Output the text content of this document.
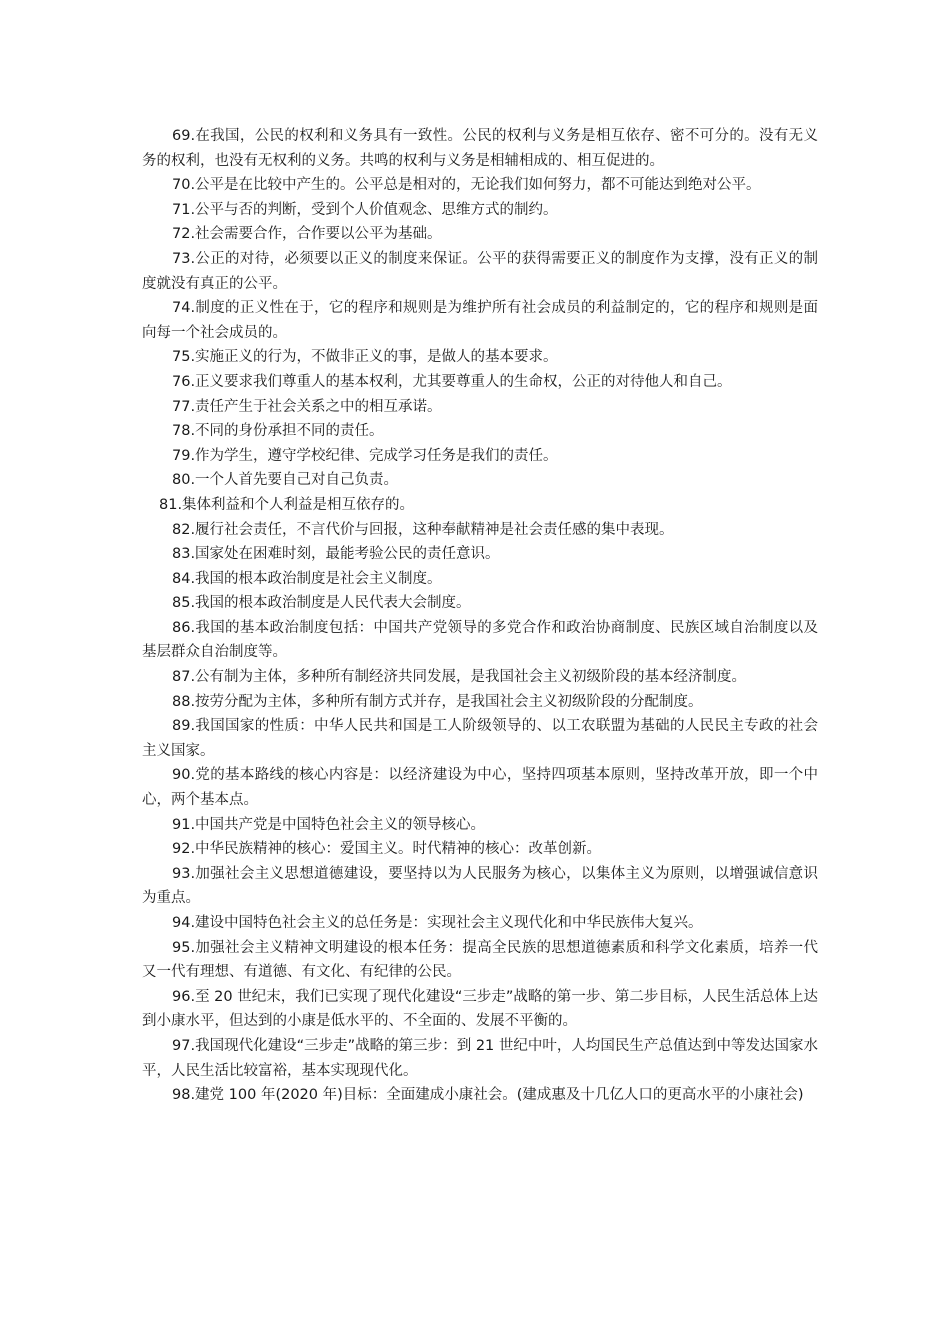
69.在我国，公民的权利和义务具有一致性。公民的权利与义务是相互依存、密不可分的。没有无义务的权利，也没有无权利的义务。共鸣的权利与义务是相辅相成的、相互促进的。

70.公平是在比较中产生的。公平总是相对的，无论我们如何努力，都不可能达到绝对公平。

71.公平与否的判断，受到个人价值观念、思维方式的制约。

72.社会需要合作，合作要以公平为基础。

73.公正的对待，必须要以正义的制度来保证。公平的获得需要正义的制度作为支撑，没有正义的制度就没有真正的公平。

74.制度的正义性在于，它的程序和规则是为维护所有社会成员的利益制定的，它的程序和规则是面向每一个社会成员的。

75.实施正义的行为，不做非正义的事，是做人的基本要求。

76.正义要求我们尊重人的基本权利，尤其要尊重人的生命权，公正的对待他人和自己。

77.责任产生于社会关系之中的相互承诺。

78.不同的身份承担不同的责任。

79.作为学生，遵守学校纪律、完成学习任务是我们的责任。

80.一个人首先要自己对自己负责。

81.集体利益和个人利益是相互依存的。

82.履行社会责任，不言代价与回报，这种奉献精神是社会责任感的集中表现。

83.国家处在困难时刻，最能考验公民的责任意识。

84.我国的根本政治制度是社会主义制度。

85.我国的根本政治制度是人民代表大会制度。

86.我国的基本政治制度包括：中国共产党领导的多党合作和政治协商制度、民族区域自治制度以及基层群众自治制度等。

87.公有制为主体，多种所有制经济共同发展，是我国社会主义初级阶段的基本经济制度。

88.按劳分配为主体，多种所有制方式并存，是我国社会主义初级阶段的分配制度。

89.我国国家的性质：中华人民共和国是工人阶级领导的、以工农联盟为基础的人民民主专政的社会主义国家。

90.党的基本路线的核心内容是：以经济建设为中心，坚持四项基本原则，坚持改革开放，即一个中心，两个基本点。

91.中国共产党是中国特色社会主义的领导核心。

92.中华民族精神的核心：爱国主义。时代精神的核心：改革创新。

93.加强社会主义思想道德建设，要坚持以为人民服务为核心，以集体主义为原则，以增强诚信意识为重点。

94.建设中国特色社会主义的总任务是：实现社会主义现代化和中华民族伟大复兴。

95.加强社会主义精神文明建设的根本任务：提高全民族的思想道德素质和科学文化素质，培养一代又一代有理想、有道德、有文化、有纪律的公民。

96.至 20 世纪末，我们已实现了现代化建设“三步走”战略的第一步、第二步目标，人民生活总体上达到小康水平，但达到的小康是低水平的、不全面的、发展不平衡的。

97.我国现代化建设“三步走”战略的第三步：到 21 世纪中叶，人均国民生产总值达到中等发达国家水平，人民生活比较富裕，基本实现现代化。

98.建党 100 年(2020 年)目标：全面建成小康社会。(建成惠及十几亿人口的更高水平的小康社会)
